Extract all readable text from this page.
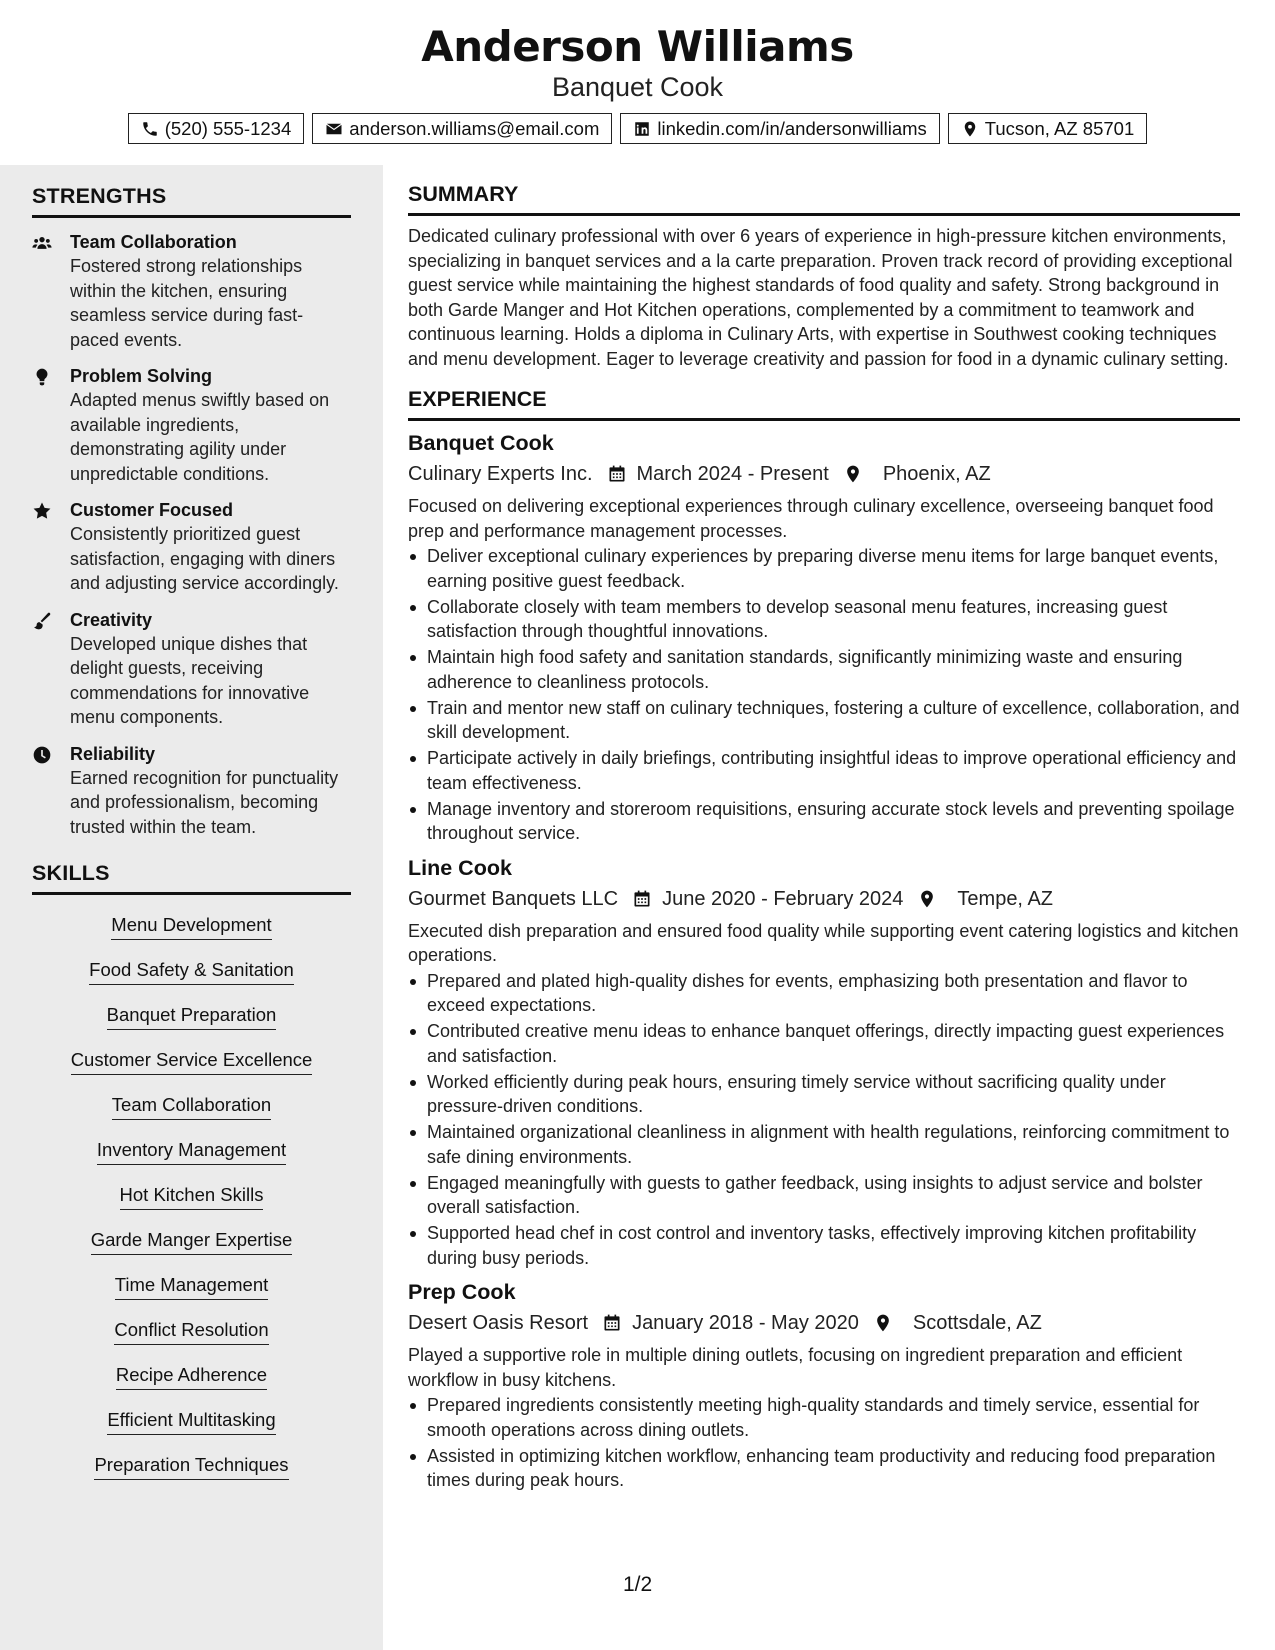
Anderson Williams
Banquet Cook
(520) 555-1234	anderson.williams@email.com	linkedin.com/in/andersonwilliams	Tucson, AZ 85701
STRENGTHS
Team Collaboration
Fostered strong relationships within the kitchen, ensuring seamless service during fast-paced events.
Problem Solving
Adapted menus swiftly based on available ingredients, demonstrating agility under unpredictable conditions.
Customer Focused
Consistently prioritized guest satisfaction, engaging with diners and adjusting service accordingly.
Creativity
Developed unique dishes that delight guests, receiving commendations for innovative menu components.
Reliability
Earned recognition for punctuality and professionalism, becoming trusted within the team.
SKILLS
Menu Development
Food Safety & Sanitation
Banquet Preparation
Customer Service Excellence
Team Collaboration
Inventory Management
Hot Kitchen Skills
Garde Manger Expertise
Time Management
Conflict Resolution
Recipe Adherence
Efficient Multitasking
Preparation Techniques
SUMMARY
Dedicated culinary professional with over 6 years of experience in high-pressure kitchen environments, specializing in banquet services and a la carte preparation. Proven track record of providing exceptional guest service while maintaining the highest standards of food quality and safety. Strong background in both Garde Manger and Hot Kitchen operations, complemented by a commitment to teamwork and continuous learning. Holds a diploma in Culinary Arts, with expertise in Southwest cooking techniques and menu development. Eager to leverage creativity and passion for food in a dynamic culinary setting.
EXPERIENCE
Banquet Cook
Culinary Experts Inc. March 2024 - Present	Phoenix, AZ
Focused on delivering exceptional experiences through culinary excellence, overseeing banquet food prep and performance management processes.
Deliver exceptional culinary experiences by preparing diverse menu items for large banquet events, earning positive guest feedback.
Collaborate closely with team members to develop seasonal menu features, increasing guest satisfaction through thoughtful innovations.
Maintain high food safety and sanitation standards, significantly minimizing waste and ensuring adherence to cleanliness protocols.
Train and mentor new staff on culinary techniques, fostering a culture of excellence, collaboration, and skill development.
Participate actively in daily briefings, contributing insightful ideas to improve operational efficiency and team effectiveness.
Manage inventory and storeroom requisitions, ensuring accurate stock levels and preventing spoilage throughout service.
Line Cook
Gourmet Banquets LLC June 2020 - February 2024	Tempe, AZ
Executed dish preparation and ensured food quality while supporting event catering logistics and kitchen operations.
Prepared and plated high-quality dishes for events, emphasizing both presentation and flavor to exceed expectations.
Contributed creative menu ideas to enhance banquet offerings, directly impacting guest experiences and satisfaction.
Worked efficiently during peak hours, ensuring timely service without sacrificing quality under pressure-driven conditions.
Maintained organizational cleanliness in alignment with health regulations, reinforcing commitment to safe dining environments.
Engaged meaningfully with guests to gather feedback, using insights to adjust service and bolster overall satisfaction.
Supported head chef in cost control and inventory tasks, effectively improving kitchen profitability during busy periods.
Prep Cook
Desert Oasis Resort January 2018 - May 2020	Scottsdale, AZ
Played a supportive role in multiple dining outlets, focusing on ingredient preparation and efficient workflow in busy kitchens.
Prepared ingredients consistently meeting high-quality standards and timely service, essential for smooth operations across dining outlets.
Assisted in optimizing kitchen workflow, enhancing team productivity and reducing food preparation times during peak hours.
1/2
